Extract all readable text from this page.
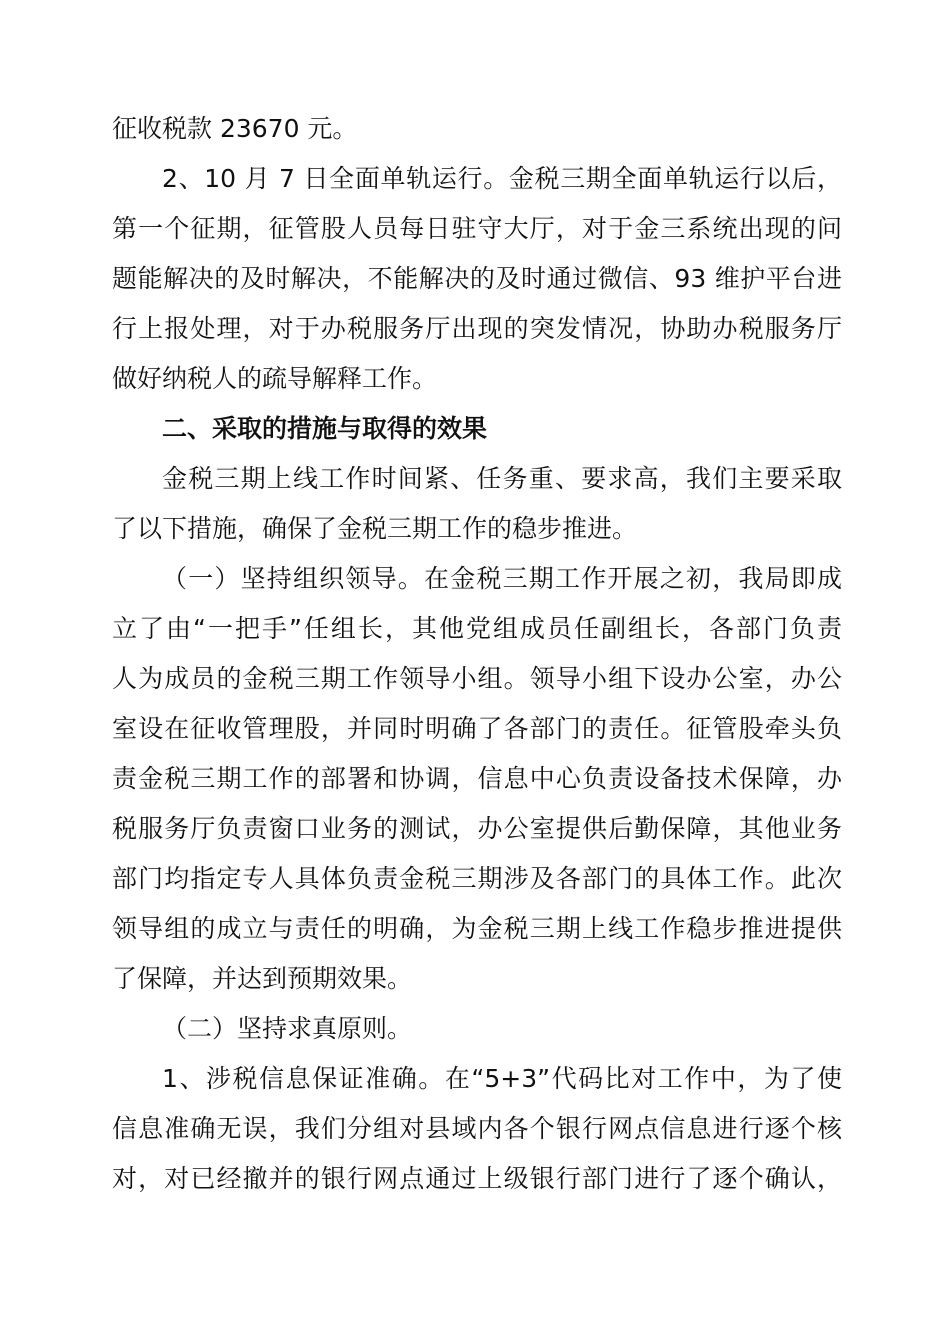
征收税款 23670 元。
2、10 月 7 日全面单轨运行。金税三期全面单轨运行以后，
第一个征期，征管股人员每日驻守大厅，对于金三系统出现的问
题能解决的及时解决，不能解决的及时通过微信、93 维护平台进
行上报处理，对于办税服务厅出现的突发情况，协助办税服务厅
做好纳税人的疏导解释工作。
二、采取的措施与取得的效果
金税三期上线工作时间紧、任务重、要求高，我们主要采取
了以下措施，确保了金税三期工作的稳步推进。
（一）坚持组织领导。在金税三期工作开展之初，我局即成
立了由“一把手”任组长，其他党组成员任副组长，各部门负责
人为成员的金税三期工作领导小组。领导小组下设办公室，办公
室设在征收管理股，并同时明确了各部门的责任。征管股牵头负
责金税三期工作的部署和协调，信息中心负责设备技术保障，办
税服务厅负责窗口业务的测试，办公室提供后勤保障，其他业务
部门均指定专人具体负责金税三期涉及各部门的具体工作。此次
领导组的成立与责任的明确，为金税三期上线工作稳步推进提供
了保障，并达到预期效果。
（二）坚持求真原则。
1、涉税信息保证准确。在“5+3”代码比对工作中，为了使
信息准确无误，我们分组对县域内各个银行网点信息进行逐个核
对，对已经撤并的银行网点通过上级银行部门进行了逐个确认，
